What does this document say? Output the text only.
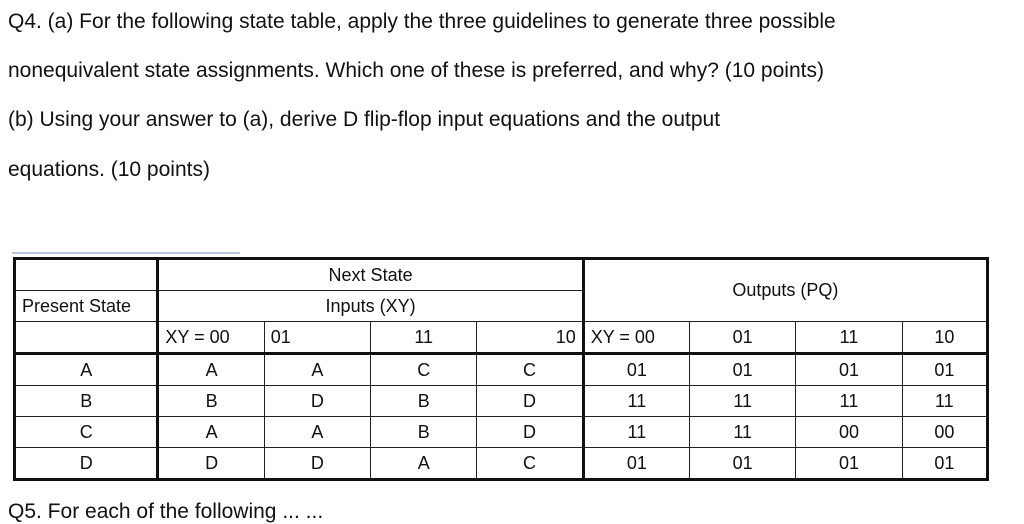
Q4. (a) For the following state table, apply the three guidelines to generate three possible
nonequivalent state assignments. Which one of these is preferred, and why? (10 points)
(b) Using your answer to (a), derive D flip-flop input equations and the output
equations. (10 points)
	Next State				Outputs (PQ)			
Present State	Inputs (XY)							
	XY = 00	01	11	10	XY = 00	01	11	10
A	A	A	C	C	01	01	01	01
B	B	D	B	D	11	11	11	11
C	A	A	B	D	11	11	00	00
D	D	D	A	C	01	01	01	01
Q5. For each of the following ... ...
